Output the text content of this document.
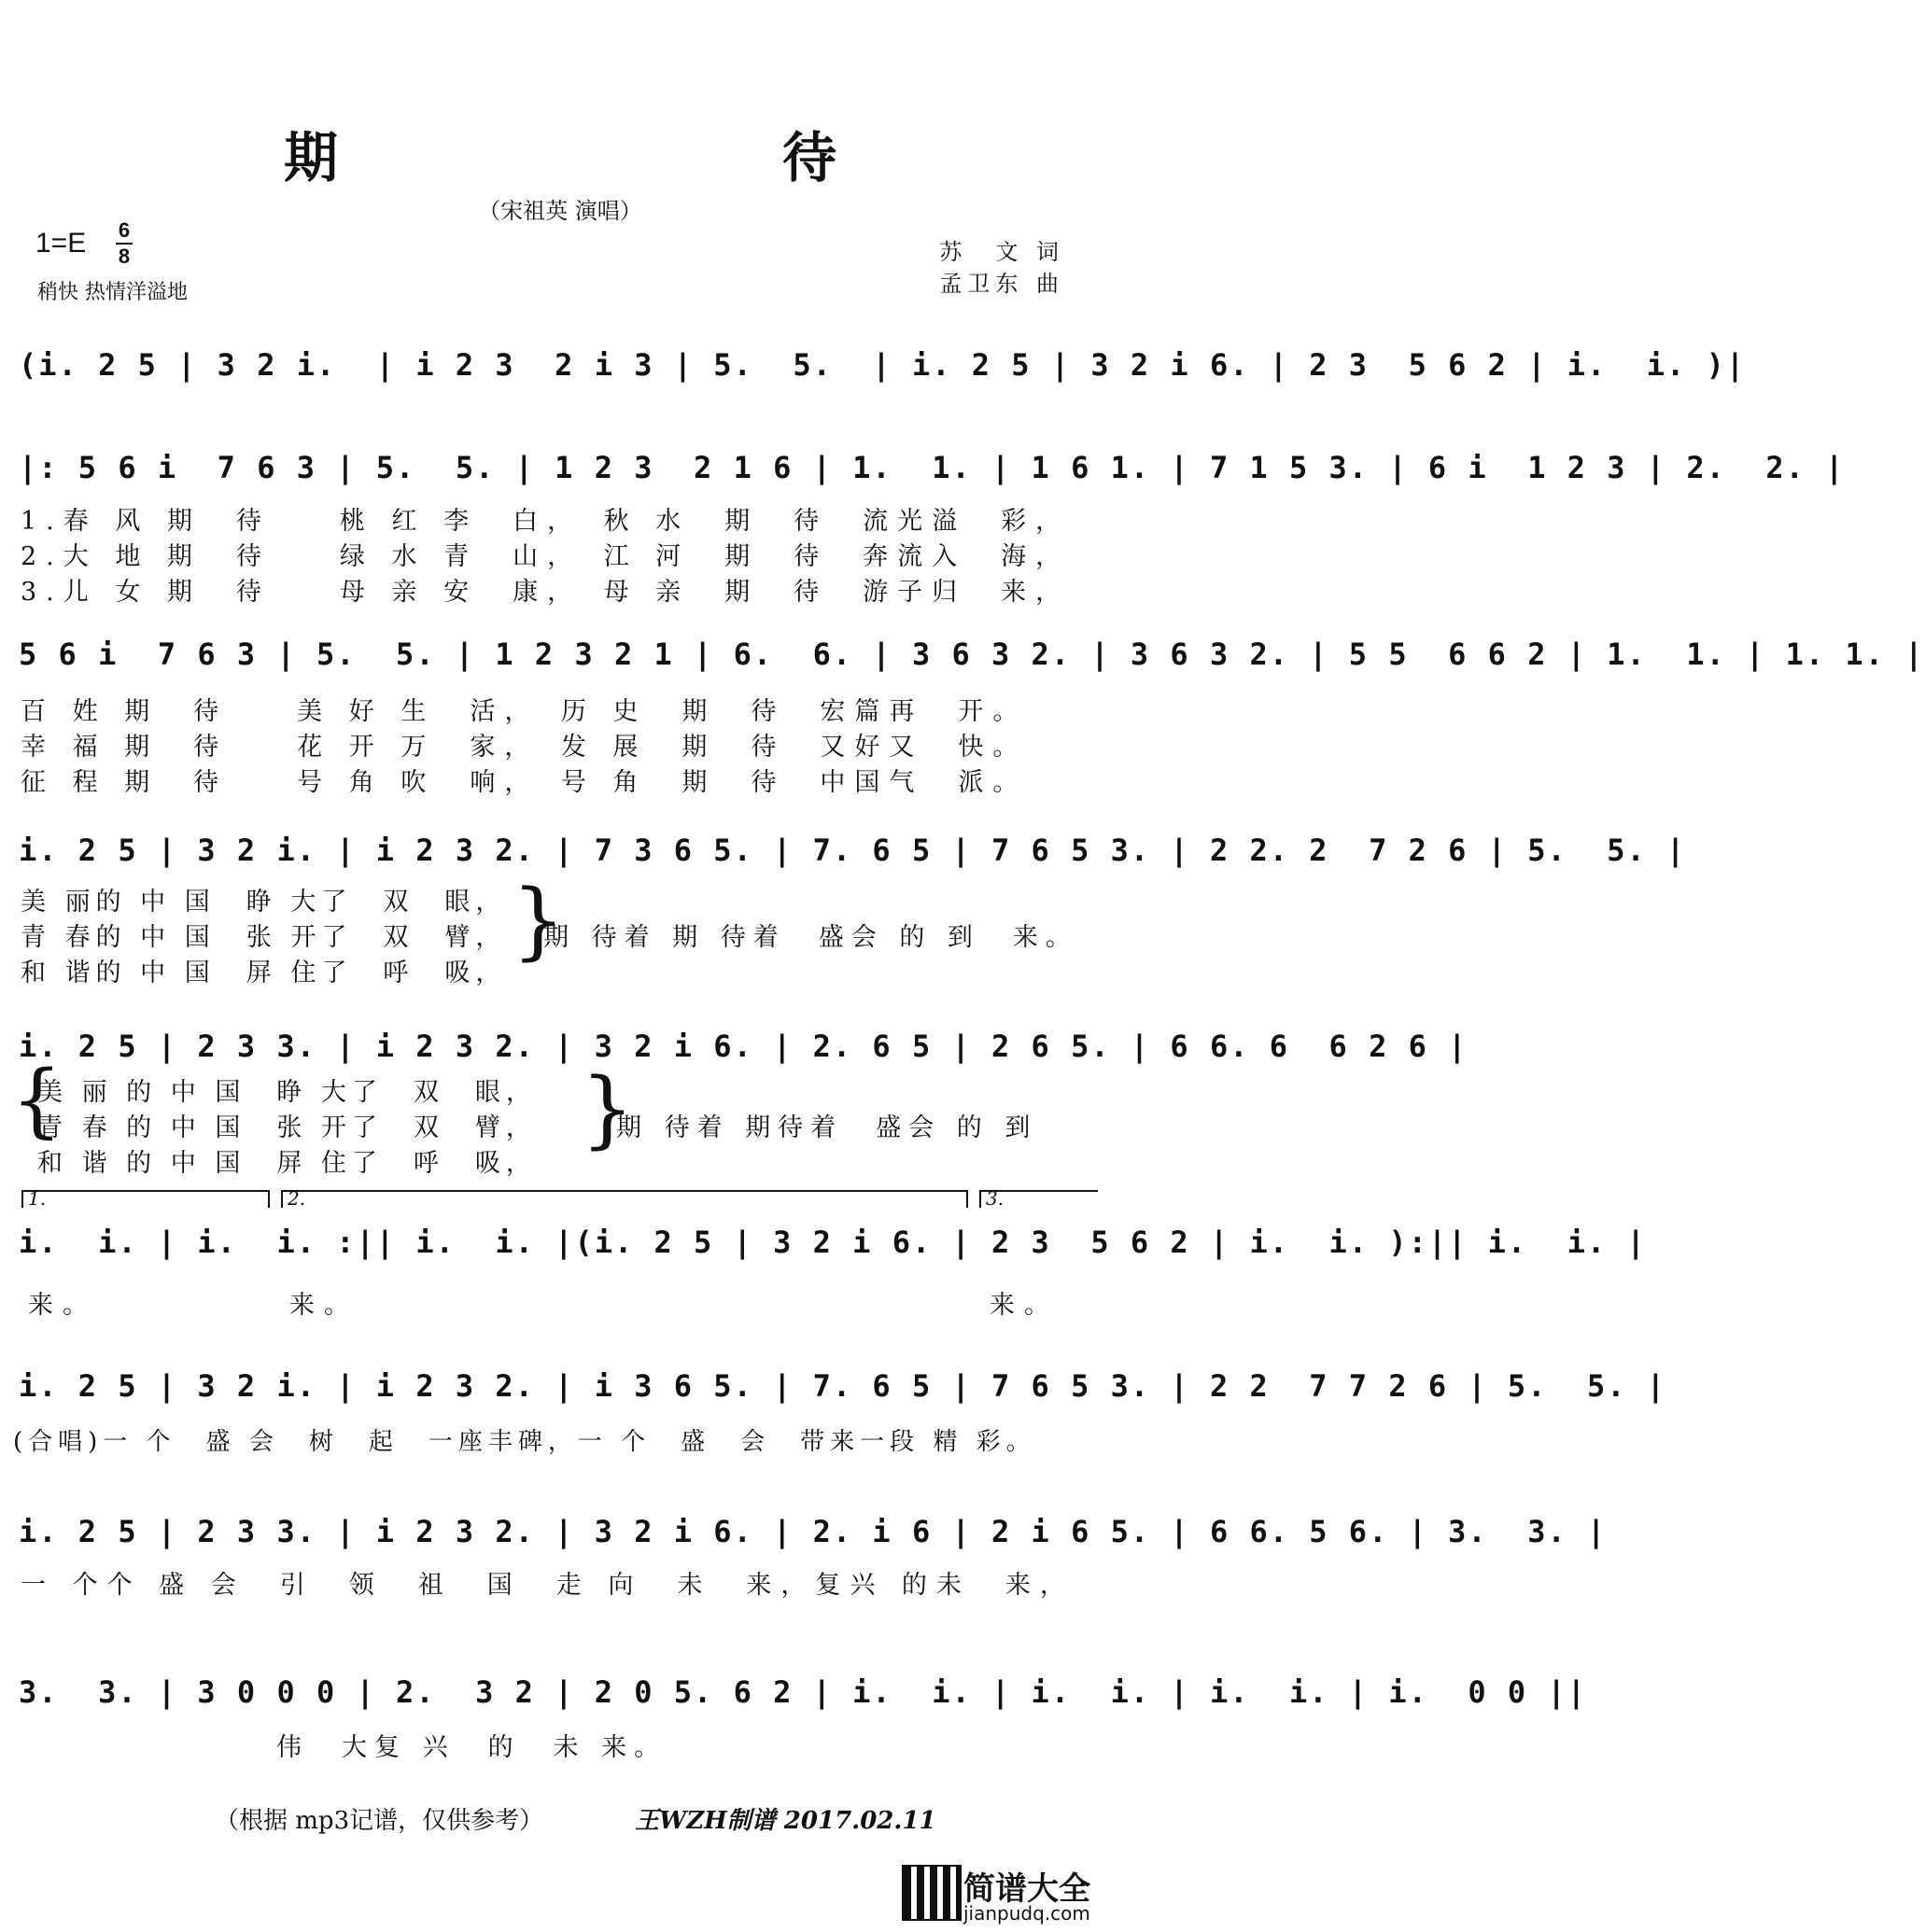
期　　待
（宋祖英 演唱）
1=E 6
8
稍快 热情洋溢地
苏　文 词
孟卫东 曲
(i. 2 5 | 3 2 i.  | i 2 3  2 i 3 | 5.  5.  | i. 2 5 | 3 2 i 6. | 2 3  5 6 2 | i.  i. )|
|: 5 6 i  7 6 3 | 5.  5. | 1 2 3  2 1 6 | 1.  1. | 1 6 1. | 7 1 5 3. | 6 i  1 2 3 | 2.  2. |
1.春 风 期　待　　桃 红 李　白，　秋 水　期　待　流光溢　彩，
2.大 地 期　待　　绿 水 青　山，　江 河　期　待　奔流入　海，
3.儿 女 期　待　　母 亲 安　康，　母 亲　期　待　游子归　来，
5 6 i  7 6 3 | 5.  5. | 1 2 3 2 1 | 6.  6. | 3 6 3 2. | 3 6 3 2. | 5 5  6 6 2 | 1.  1. | 1. 1. |
百 姓 期　待　　美 好 生　活，　历 史　期　待　宏篇再　开。
幸 福 期　待　　花 开 万　家，　发 展　期　待　又好又　快。
征 程 期　待　　号 角 吹　响，　号 角　期　待　中国气　派。
i. 2 5 | 3 2 i. | i 2 3 2. | 7 3 6 5. | 7. 6 5 | 7 6 5 3. | 2 2. 2  7 2 6 | 5.  5. |
美 丽的 中 国　睁 大了　双　眼，
青 春的 中 国　张 开了　双　臂，
和 谐的 中 国　屏 住了　呼　吸，
}
期 待着 期 待着　盛会 的 到　来。
i. 2 5 | 2 3 3. | i 2 3 2. | 3 2 i 6. | 2. 6 5 | 2 6 5. | 6 6. 6  6 2 6 |
{
美 丽 的 中 国　睁 大了　双　眼，
青 春 的 中 国　张 开了　双　臂，
和 谐 的 中 国　屏 住了　呼　吸，
}
期 待着 期待着　盛会 的 到
1.	2.	3.
i.  i. | i.  i. :|| i.  i. |(i. 2 5 | 3 2 i 6. | 2 3  5 6 2 | i.  i. ):|| i.  i. |
来。	来。	来。
i. 2 5 | 3 2 i. | i 2 3 2. | i 3 6 5. | 7. 6 5 | 7 6 5 3. | 2 2  7 7 2 6 | 5.  5. |
(合唱)一 个　盛 会　树　起　一座丰碑，一 个　盛　会　带来一段 精 彩。
i. 2 5 | 2 3 3. | i 2 3 2. | 3 2 i 6. | 2. i 6 | 2 i 6 5. | 6 6. 5 6. | 3.  3. |
一 个个 盛 会　引　领　祖　国　走 向　未　来，复兴 的未　来，
3.  3. | 3 0 0 0 | 2.  3 2 | 2 0 5. 6 2 | i.  i. | i.  i. | i.  i. | i.  0 0 ||
伟　大复 兴　的　未 来。
（根据 mp3记谱，仅供参考）	王WZH制谱 2017.02.11
简谱大全
jianpudq.com
